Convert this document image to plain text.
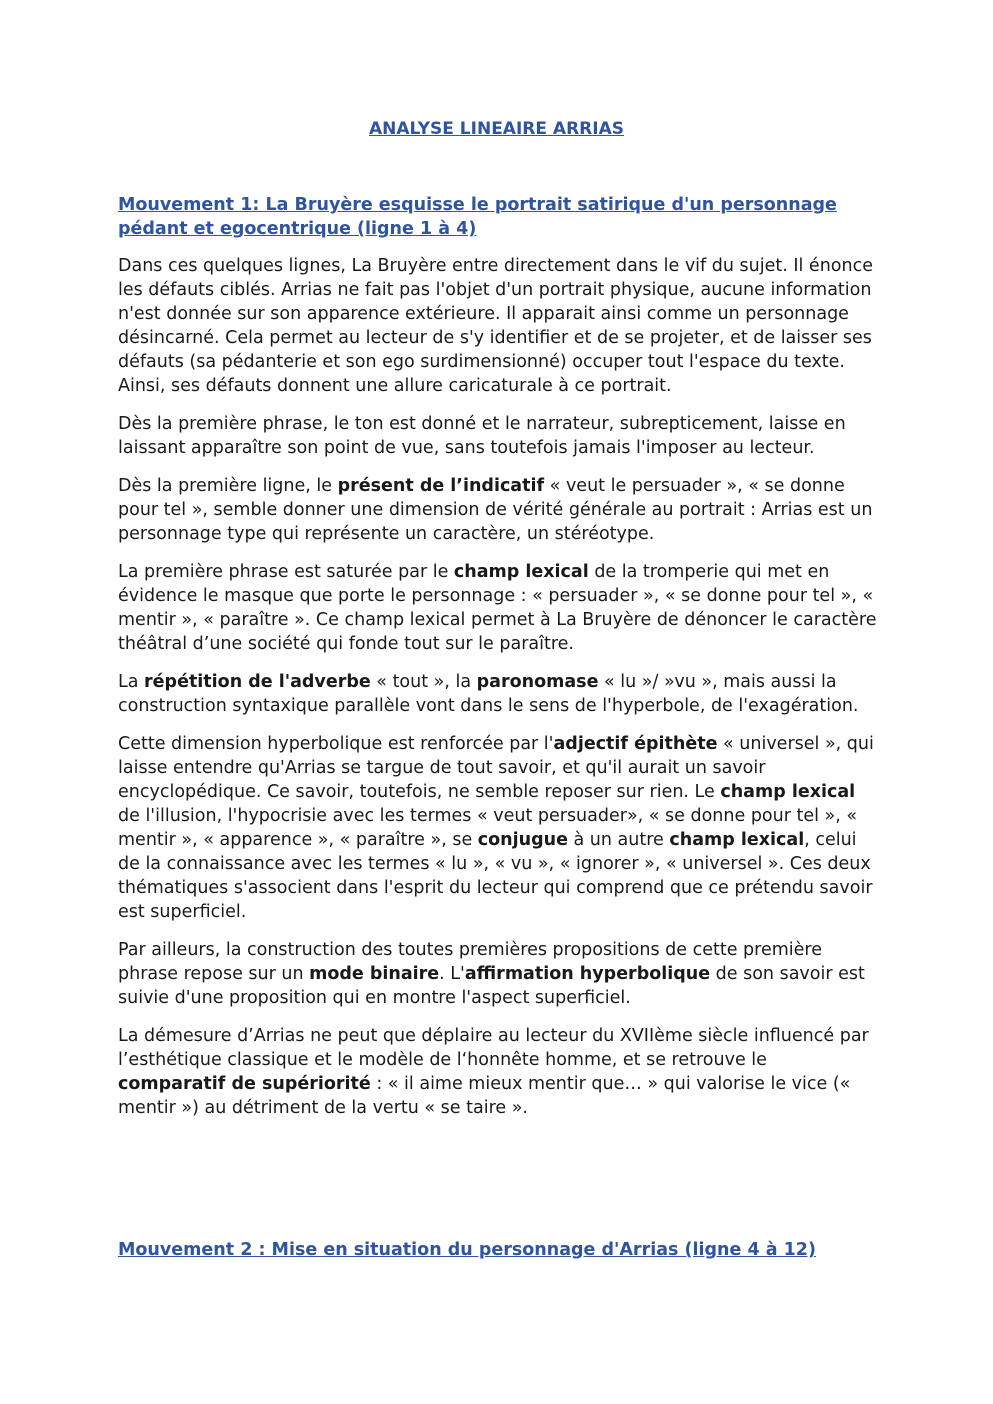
ANALYSE LINEAIRE ARRIAS
Mouvement 1: La Bruyère esquisse le portrait satirique d'un personnage pédant et egocentrique (ligne 1 à 4)

Dans ces quelques lignes, La Bruyère entre directement dans le vif du sujet. Il énonce les défauts ciblés. Arrias ne fait pas l'objet d'un portrait physique, aucune information n'est donnée sur son apparence extérieure. Il apparait ainsi comme un personnage désincarné. Cela permet au lecteur de s'y identifier et de se projeter, et de laisser ses défauts (sa pédanterie et son ego surdimensionné) occuper tout l'espace du texte. Ainsi, ses défauts donnent une allure caricaturale à ce portrait.

Dès la première phrase, le ton est donné et le narrateur, subrepticement, laisse en laissant apparaître son point de vue, sans toutefois jamais l'imposer au lecteur.

Dès la première ligne, le présent de l’indicatif « veut le persuader », « se donne pour tel », semble donner une dimension de vérité générale au portrait : Arrias est un personnage type qui représente un caractère, un stéréotype.

La première phrase est saturée par le champ lexical de la tromperie qui met en évidence le masque que porte le personnage : « persuader », « se donne pour tel », « mentir », « paraître ». Ce champ lexical permet à La Bruyère de dénoncer le caractère théâtral d’une société qui fonde tout sur le paraître.

La répétition de l'adverbe « tout », la paronomase « lu »/ »vu », mais aussi la construction syntaxique parallèle vont dans le sens de l'hyperbole, de l'exagération.

Cette dimension hyperbolique est renforcée par l'adjectif épithète « universel », qui laisse entendre qu'Arrias se targue de tout savoir, et qu'il aurait un savoir encyclopédique. Ce savoir, toutefois, ne semble reposer sur rien. Le champ lexical de l'illusion, l'hypocrisie avec les termes « veut persuader», « se donne pour tel », « mentir », « apparence », « paraître », se conjugue à un autre champ lexical, celui de la connaissance avec les termes « lu », « vu », « ignorer », « universel ». Ces deux thématiques s'associent dans l'esprit du lecteur qui comprend que ce prétendu savoir est superficiel.

Par ailleurs, la construction des toutes premières propositions de cette première phrase repose sur un mode binaire. L'affirmation hyperbolique de son savoir est suivie d'une proposition qui en montre l'aspect superficiel.

La démesure d’Arrias ne peut que déplaire au lecteur du XVIIème siècle influencé par l’esthétique classique et le modèle de l‘honnête homme, et se retrouve le comparatif de supériorité : « il aime mieux mentir que… » qui valorise le vice (« mentir ») au détriment de la vertu « se taire ».

Mouvement 2 : Mise en situation du personnage d'Arrias (ligne 4 à 12)
